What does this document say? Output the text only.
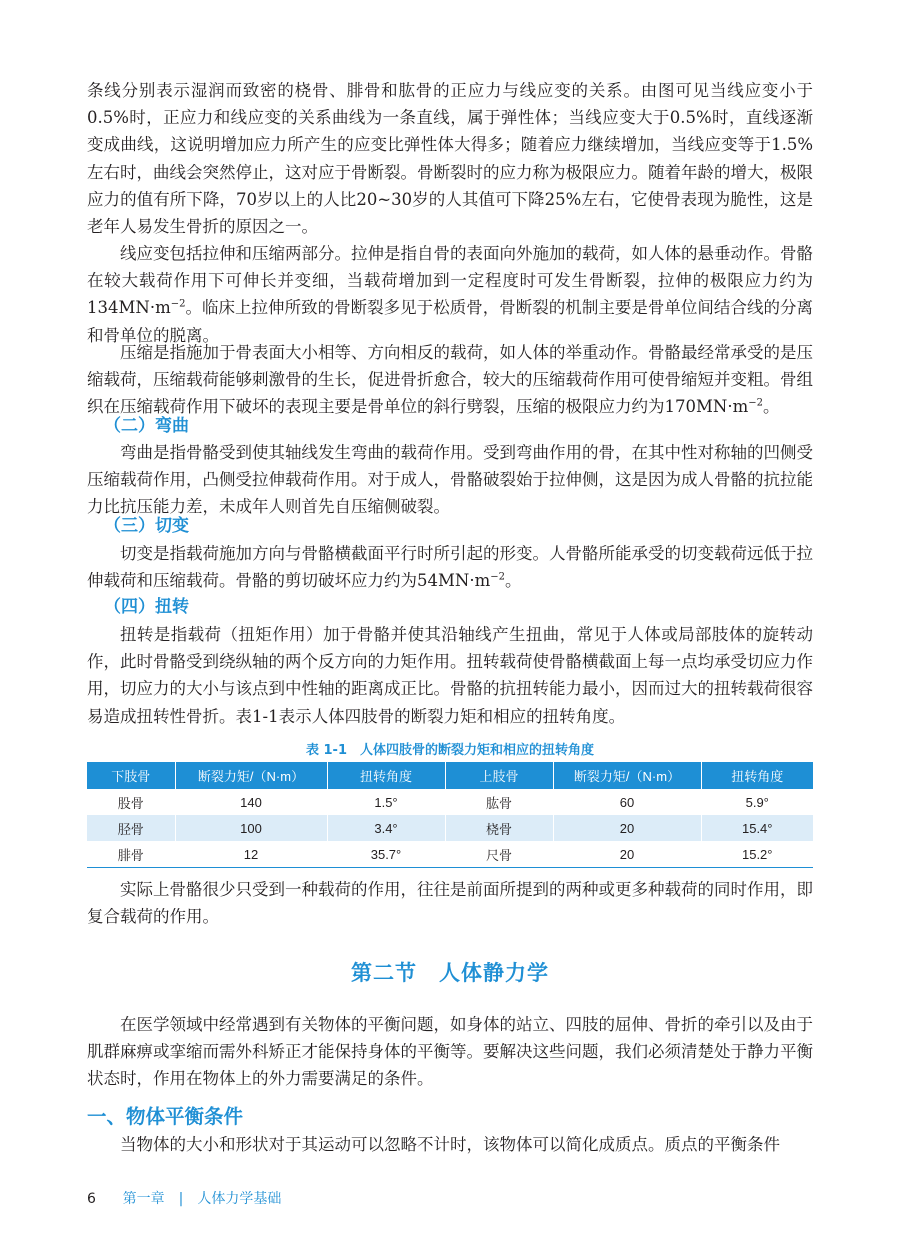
条线分别表示湿润而致密的桡骨、腓骨和肱骨的正应力与线应变的关系。由图可见当线应变小于0.5%时，正应力和线应变的关系曲线为一条直线，属于弹性体；当线应变大于0.5%时，直线逐渐变成曲线，这说明增加应力所产生的应变比弹性体大得多；随着应力继续增加，当线应变等于1.5%左右时，曲线会突然停止，这对应于骨断裂。骨断裂时的应力称为极限应力。随着年龄的增大，极限应力的值有所下降，70岁以上的人比20~30岁的人其值可下降25%左右，它使骨表现为脆性，这是老年人易发生骨折的原因之一。

线应变包括拉伸和压缩两部分。拉伸是指自骨的表面向外施加的载荷，如人体的悬垂动作。骨骼在较大载荷作用下可伸长并变细，当载荷增加到一定程度时可发生骨断裂，拉伸的极限应力约为$134MN\cdot m^{-2}$。临床上拉伸所致的骨断裂多见于松质骨，骨断裂的机制主要是骨单位间结合线的分离和骨单位的脱离。

压缩是指施加于骨表面大小相等、方向相反的载荷，如人体的举重动作。骨骼最经常承受的是压缩载荷，压缩载荷能够刺激骨的生长，促进骨折愈合，较大的压缩载荷作用可使骨缩短并变粗。骨组织在压缩载荷作用下破坏的表现主要是骨单位的斜行劈裂，压缩的极限应力约为$170MN\cdot m^{-2}$。

（二）弯曲

弯曲是指骨骼受到使其轴线发生弯曲的载荷作用。受到弯曲作用的骨，在其中性对称轴的凹侧受压缩载荷作用，凸侧受拉伸载荷作用。对于成人，骨骼破裂始于拉伸侧，这是因为成人骨骼的抗拉能力比抗压能力差，未成年人则首先自压缩侧破裂。

（三）切变

切变是指载荷施加方向与骨骼横截面平行时所引起的形变。人骨骼所能承受的切变载荷远低于拉伸载荷和压缩载荷。骨骼的剪切破坏应力约为$54MN\cdot m^{-2}$。

（四）扭转

扭转是指载荷（扭矩作用）加于骨骼并使其沿轴线产生扭曲，常见于人体或局部肢体的旋转动作，此时骨骼受到绕纵轴的两个反方向的力矩作用。扭转载荷使骨骼横截面上每一点均承受切应力作用，切应力的大小与该点到中性轴的距离成正比。骨骼的抗扭转能力最小，因而过大的扭转载荷很容易造成扭转性骨折。表1-1表示人体四肢骨的断裂力矩和相应的扭转角度。

表 1-1　人体四肢骨的断裂力矩和相应的扭转角度

下肢骨	断裂力矩/（N·m）	扭转角度	上肢骨	断裂力矩/（N·m）	扭转角度
股骨	140	1.5°	肱骨	60	5.9°
胫骨	100	3.4°	桡骨	20	15.4°
腓骨	12	35.7°	尺骨	20	15.2°

实际上骨骼很少只受到一种载荷的作用，往往是前面所提到的两种或更多种载荷的同时作用，即复合载荷的作用。

第二节　人体静力学

在医学领域中经常遇到有关物体的平衡问题，如身体的站立、四肢的屈伸、骨折的牵引以及由于肌群麻痹或挛缩而需外科矫正才能保持身体的平衡等。要解决这些问题，我们必须清楚处于静力平衡状态时，作用在物体上的外力需要满足的条件。

一、物体平衡条件

当物体的大小和形状对于其运动可以忽略不计时，该物体可以简化成质点。质点的平衡条件

6 第一章　|　人体力学基础
